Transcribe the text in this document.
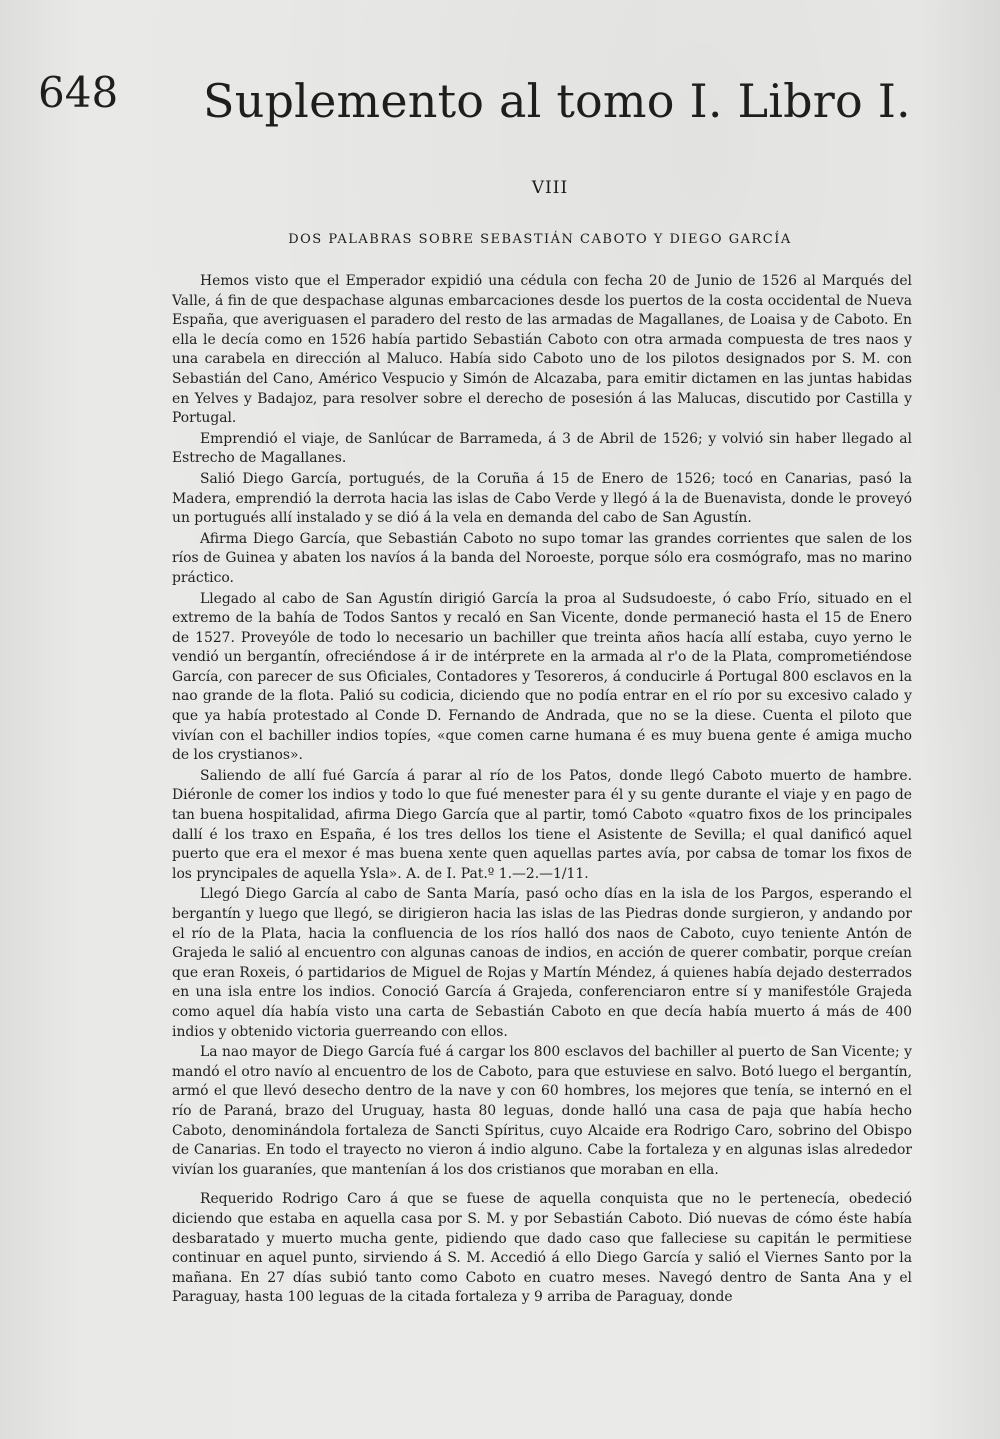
648 Suplemento al tomo I. Libro I.
VIII
DOS PALABRAS SOBRE SEBASTIÁN CABOTO Y DIEGO GARCÍA

Hemos visto que el Emperador expidió una cédula con fecha 20 de Junio de 1526 al Marqués del Valle, á fin de que despachase algunas embarcaciones desde los puertos de la costa occidental de Nueva España, que averiguasen el paradero del resto de las armadas de Magallanes, de Loaisa y de Caboto. En ella le decía como en 1526 había partido Sebastián Caboto con otra armada compuesta de tres naos y una carabela en dirección al Maluco. Había sido Caboto uno de los pilotos designados por S. M. con Sebastián del Cano, Américo Vespucio y Simón de Alcazaba, para emitir dictamen en las juntas habidas en Yelves y Badajoz, para resolver sobre el derecho de posesión á las Malucas, discutido por Castilla y Portugal.

Emprendió el viaje, de Sanlúcar de Barrameda, á 3 de Abril de 1526; y volvió sin haber llegado al Estrecho de Magallanes.

Salió Diego García, portugués, de la Coruña á 15 de Enero de 1526; tocó en Canarias, pasó la Madera, emprendió la derrota hacia las islas de Cabo Verde y llegó á la de Buenavista, donde le proveyó un portugués allí instalado y se dió á la vela en demanda del cabo de San Agustín.

Afirma Diego García, que Sebastián Caboto no supo tomar las grandes corrientes que salen de los ríos de Guinea y abaten los navíos á la banda del Noroeste, porque sólo era cosmógrafo, mas no marino práctico.

Llegado al cabo de San Agustín dirigió García la proa al Sudsudoeste, ó cabo Frío, situado en el extremo de la bahía de Todos Santos y recaló en San Vicente, donde permaneció hasta el 15 de Enero de 1527. Proveyóle de todo lo necesario un bachiller que treinta años hacía allí estaba, cuyo yerno le vendió un bergantín, ofreciéndose á ir de intérprete en la armada al r'o de la Plata, comprometiéndose García, con parecer de sus Oficiales, Contadores y Tesoreros, á conducirle á Portugal 800 esclavos en la nao grande de la flota. Palió su codicia, diciendo que no podía entrar en el río por su excesivo calado y que ya había protestado al Conde D. Fernando de Andrada, que no se la diese. Cuenta el piloto que vivían con el bachiller indios topíes, «que comen carne humana é es muy buena gente é amiga mucho de los crystianos».

Saliendo de allí fué García á parar al río de los Patos, donde llegó Caboto muerto de hambre. Diéronle de comer los indios y todo lo que fué menester para él y su gente durante el viaje y en pago de tan buena hospitalidad, afirma Diego García que al partir, tomó Caboto «quatro fixos de los principales dallí é los traxo en España, é los tres dellos los tiene el Asistente de Sevilla; el qual danificó aquel puerto que era el mexor é mas buena xente quen aquellas partes avía, por cabsa de tomar los fixos de los pryncipales de aquella Ysla». A. de I. Pat.º 1.—2.—1/11.

Llegó Diego García al cabo de Santa María, pasó ocho días en la isla de los Pargos, esperando el bergantín y luego que llegó, se dirigieron hacia las islas de las Piedras donde surgieron, y andando por el río de la Plata, hacia la confluencia de los ríos halló dos naos de Caboto, cuyo teniente Antón de Grajeda le salió al encuentro con algunas canoas de indios, en acción de querer combatir, porque creían que eran Roxeis, ó partidarios de Miguel de Rojas y Martín Méndez, á quienes había dejado desterrados en una isla entre los indios. Conoció García á Grajeda, conferenciaron entre sí y manifestóle Grajeda como aquel día había visto una carta de Sebastián Caboto en que decía había muerto á más de 400 indios y obtenido victoria guerreando con ellos.

La nao mayor de Diego García fué á cargar los 800 esclavos del bachiller al puerto de San Vicente; y mandó el otro navío al encuentro de los de Caboto, para que estuviese en salvo. Botó luego el bergantín, armó el que llevó desecho dentro de la nave y con 60 hombres, los mejores que tenía, se internó en el río de Paraná, brazo del Uruguay, hasta 80 leguas, donde halló una casa de paja que había hecho Caboto, denominándola fortaleza de Sancti Spíritus, cuyo Alcaide era Rodrigo Caro, sobrino del Obispo de Canarias. En todo el trayecto no vieron á indio alguno. Cabe la fortaleza y en algunas islas alrededor vivían los guaraníes, que mantenían á los dos cristianos que moraban en ella.

Requerido Rodrigo Caro á que se fuese de aquella conquista que no le pertenecía, obedeció diciendo que estaba en aquella casa por S. M. y por Sebastián Caboto. Dió nuevas de cómo éste había desbaratado y muerto mucha gente, pidiendo que dado caso que falleciese su capitán le permitiese continuar en aquel punto, sirviendo á S. M. Accedió á ello Diego García y salió el Viernes Santo por la mañana. En 27 días subió tanto como Caboto en cuatro meses. Navegó dentro de Santa Ana y el Paraguay, hasta 100 leguas de la citada fortaleza y 9 arriba de Paraguay, donde
